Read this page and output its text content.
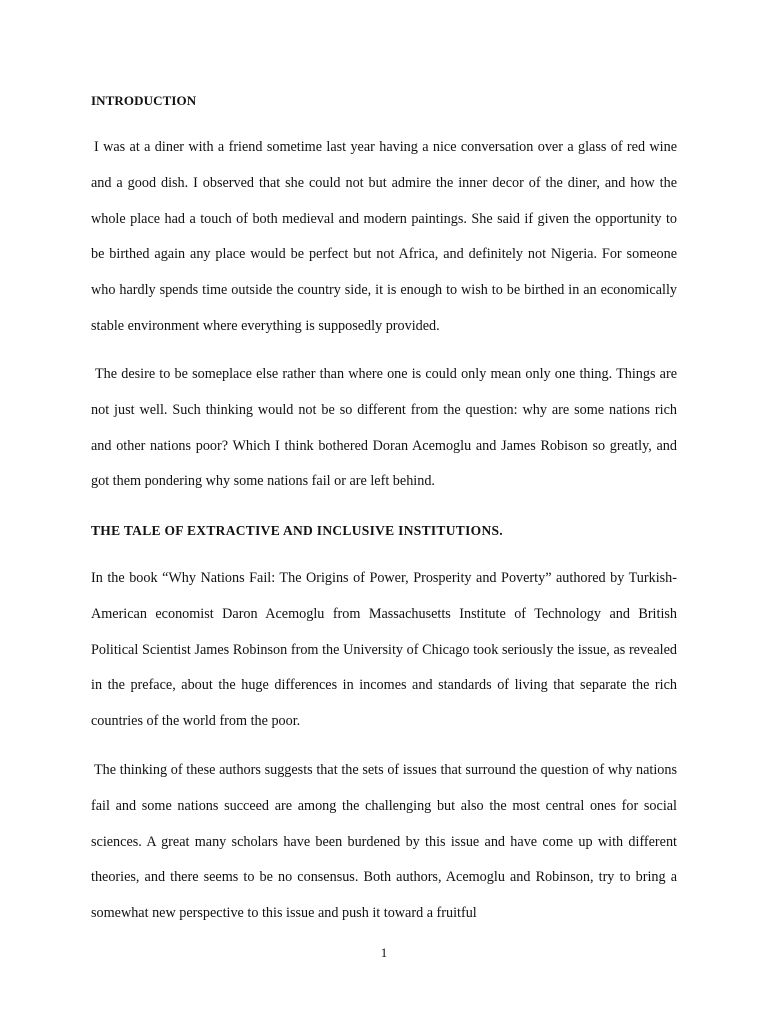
INTRODUCTION

I was at a diner with a friend sometime last year having a nice conversation over a glass of red wine and a good dish. I observed that she could not but admire the inner decor of the diner, and how the whole place had a touch of both medieval and modern paintings. She said if given the opportunity to be birthed again any place would be perfect but not Africa, and definitely not Nigeria. For someone who hardly spends time outside the country side, it is enough to wish to be birthed in an economically stable environment where everything is supposedly provided.

The desire to be someplace else rather than where one is could only mean only one thing. Things are not just well. Such thinking would not be so different from the question: why are some nations rich and other nations poor? Which I think bothered Doran Acemoglu and James Robison so greatly, and got them pondering why some nations fail or are left behind.

THE TALE OF EXTRACTIVE AND INCLUSIVE INSTITUTIONS.

In the book “Why Nations Fail: The Origins of Power, Prosperity and Poverty” authored by Turkish-American economist Daron Acemoglu from Massachusetts Institute of Technology and British Political Scientist James Robinson from the University of Chicago took seriously the issue, as revealed in the preface, about the huge differences in incomes and standards of living that separate the rich countries of the world from the poor.

The thinking of these authors suggests that the sets of issues that surround the question of why nations fail and some nations succeed are among the challenging but also the most central ones for social sciences. A great many scholars have been burdened by this issue and have come up with different theories, and there seems to be no consensus. Both authors, Acemoglu and Robinson, try to bring a somewhat new perspective to this issue and push it toward a fruitful

1
